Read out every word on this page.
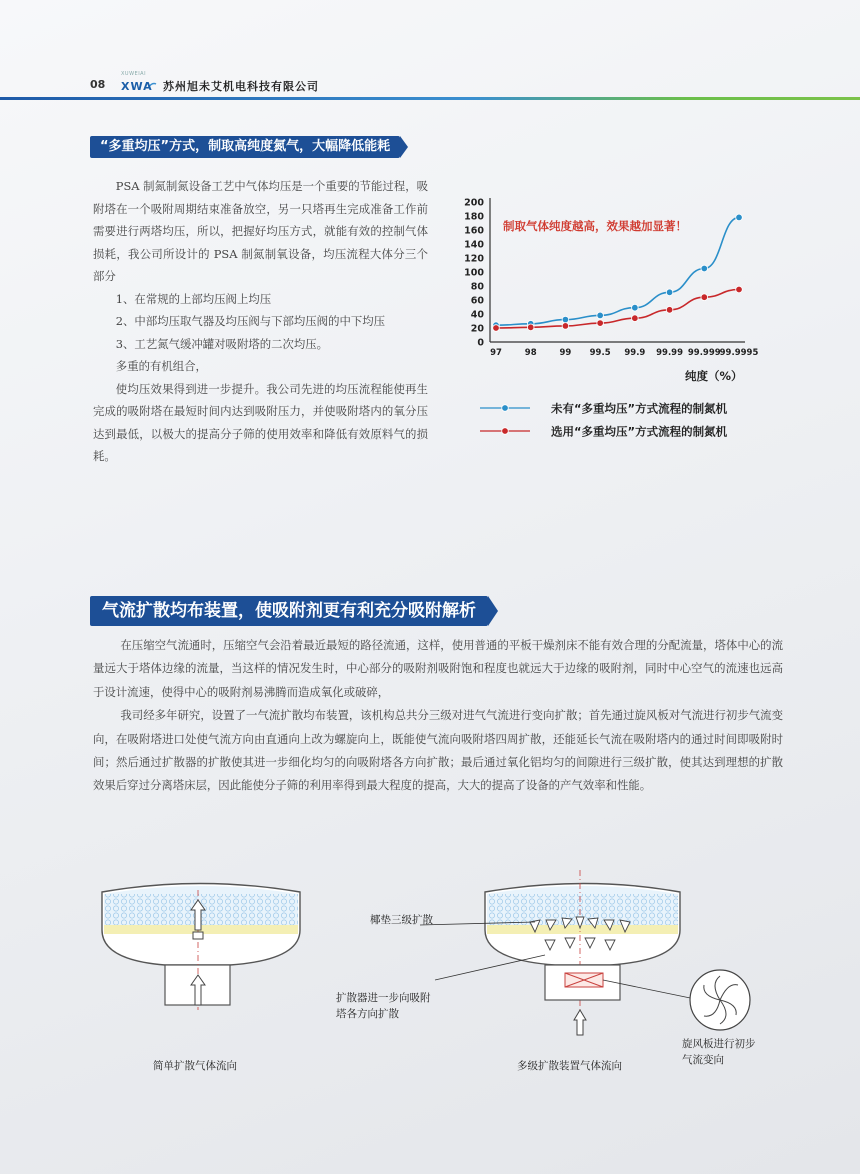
08
XUWEIAI
XWA 苏州旭未艾机电科技有限公司
“多重均压”方式，制取高纯度氮气，大幅降低能耗
PSA 制氮制氮设备工艺中气体均压是一个重要的节能过程，吸附塔在一个吸附周期结束准备放空，另一只塔再生完成准备工作前需要进行两塔均压，所以，把握好均压方式，就能有效的控制气体损耗，我公司所设计的 PSA 制氮制氧设备，均压流程大体分三个部分
1、在常规的上部均压阀上均压
2、中部均压取气器及均压阀与下部均压阀的中下均压
3、工艺氮气缓冲罐对吸附塔的二次均压。
多重的有机组合，
使均压效果得到进一步提升。我公司先进的均压流程能使再生完成的吸附塔在最短时间内达到吸附压力，并使吸附塔内的氧分压达到最低，以极大的提高分子筛的使用效率和降低有效原料气的损耗。
0
20
40
60
80
100
120
140
160
180
200
97	98	99 99.5 99.9 99.99 99.999
99.9995
制取气体纯度越高，效果越加显著！
纯度（%）
未有“多重均压”方式流程的制氮机
选用“多重均压”方式流程的制氮机
气流扩散均布装置，使吸附剂更有利充分吸附解析

在压缩空气流通时，压缩空气会沿着最近最短的路径流通，这样，使用普通的平板干燥剂床不能有效合理的分配流量，塔体中心的流量远大于塔体边缘的流量，当这样的情况发生时，中心部分的吸附剂吸附饱和程度也就远大于边缘的吸附剂，同时中心空气的流速也远高于设计流速，使得中心的吸附剂易沸腾而造成氧化或破碎，

我司经多年研究，设置了一气流扩散均布装置，该机构总共分三级对进气气流进行变向扩散；首先通过旋风板对气流进行初步气流变向，在吸附塔进口处使气流方向由直通向上改为螺旋向上，既能使气流向吸附塔四周扩散，还能延长气流在吸附塔内的通过时间即吸附时间；然后通过扩散器的扩散使其进一步细化均匀的向吸附塔各方向扩散；最后通过氧化铝均匀的间隙进行三级扩散，使其达到理想的扩散效果后穿过分离塔床层，因此能使分子筛的利用率得到最大程度的提高，大大的提高了设备的产气效率和性能。

简单扩散气体流向	多级扩散装置气体流向
椰垫三级扩散
扩散器进一步向吸附
塔各方向扩散
旋风板进行初步
气流变向
